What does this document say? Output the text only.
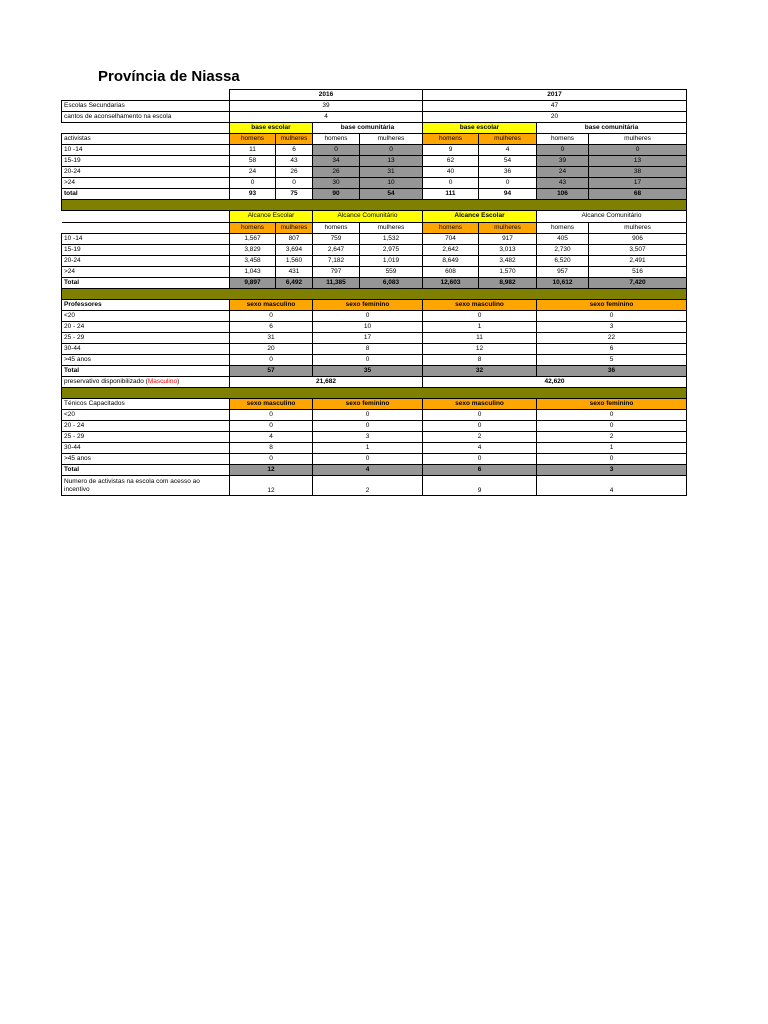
Província de Niassa
	2016				2017			
Escolas Secundarias	39				47			
cantos de aconselhamento na escola	4				20			
	base escolar		base comunitária		base escolar		base comunitária	
activistas	homens	mulheres	homens	mulheres	homens	mulheres	homens	mulheres
10 -14	11	6	0	0	9	4	0	0
15-19	58	43	34	13	62	54	39	13
20-24	24	26	26	31	40	36	24	38
>24	0	0	30	10	0	0	43	17
total	93	75	90	54	111	94	106	68

	Alcance Escolar		Alcance Comunitário		Alcance Escolar		Alcance Comunitário	
	homens	mulheres	homens	mulheres	homens	mulheres	homens	mulheres
10 -14	1,567	807	759	1,532	704	917	405	906
15-19	3,829	3,694	2,647	2,975	2,642	3,013	2,730	3,507
20-24	3,458	1,560	7,182	1,019	8,649	3,482	6,520	2,491
>24	1,043	431	797	559	608	1,570	957	516
Total	9,897	6,492	11,385	6,083	12,603	8,982	10,612	7,420

Professores	sexo masculino		sexo feminino		sexo masculino		sexo feminino	
<20	0		0		0		0	
20 - 24	6		10		1		3	
25 - 29	31		17		11		22	
30-44	20		8		12		6	
>45 anos	0		0		8		5	
Total	57		35		32		36	
preservativo disponibilizado (Masculino)	21,682				42,620			

Ténicos Capacitados	sexo masculino		sexo feminino		sexo masculino		sexo feminino	
<20	0		0		0		0	
20 - 24	0		0		0		0	
25 - 29	4		3		2		2	
30-44	8		1		4		1	
>45 anos	0		0		0		0	
Total	12		4		6		3	
Numero de activistas na escola com acesso ao incentivo	12		2		9		4	
